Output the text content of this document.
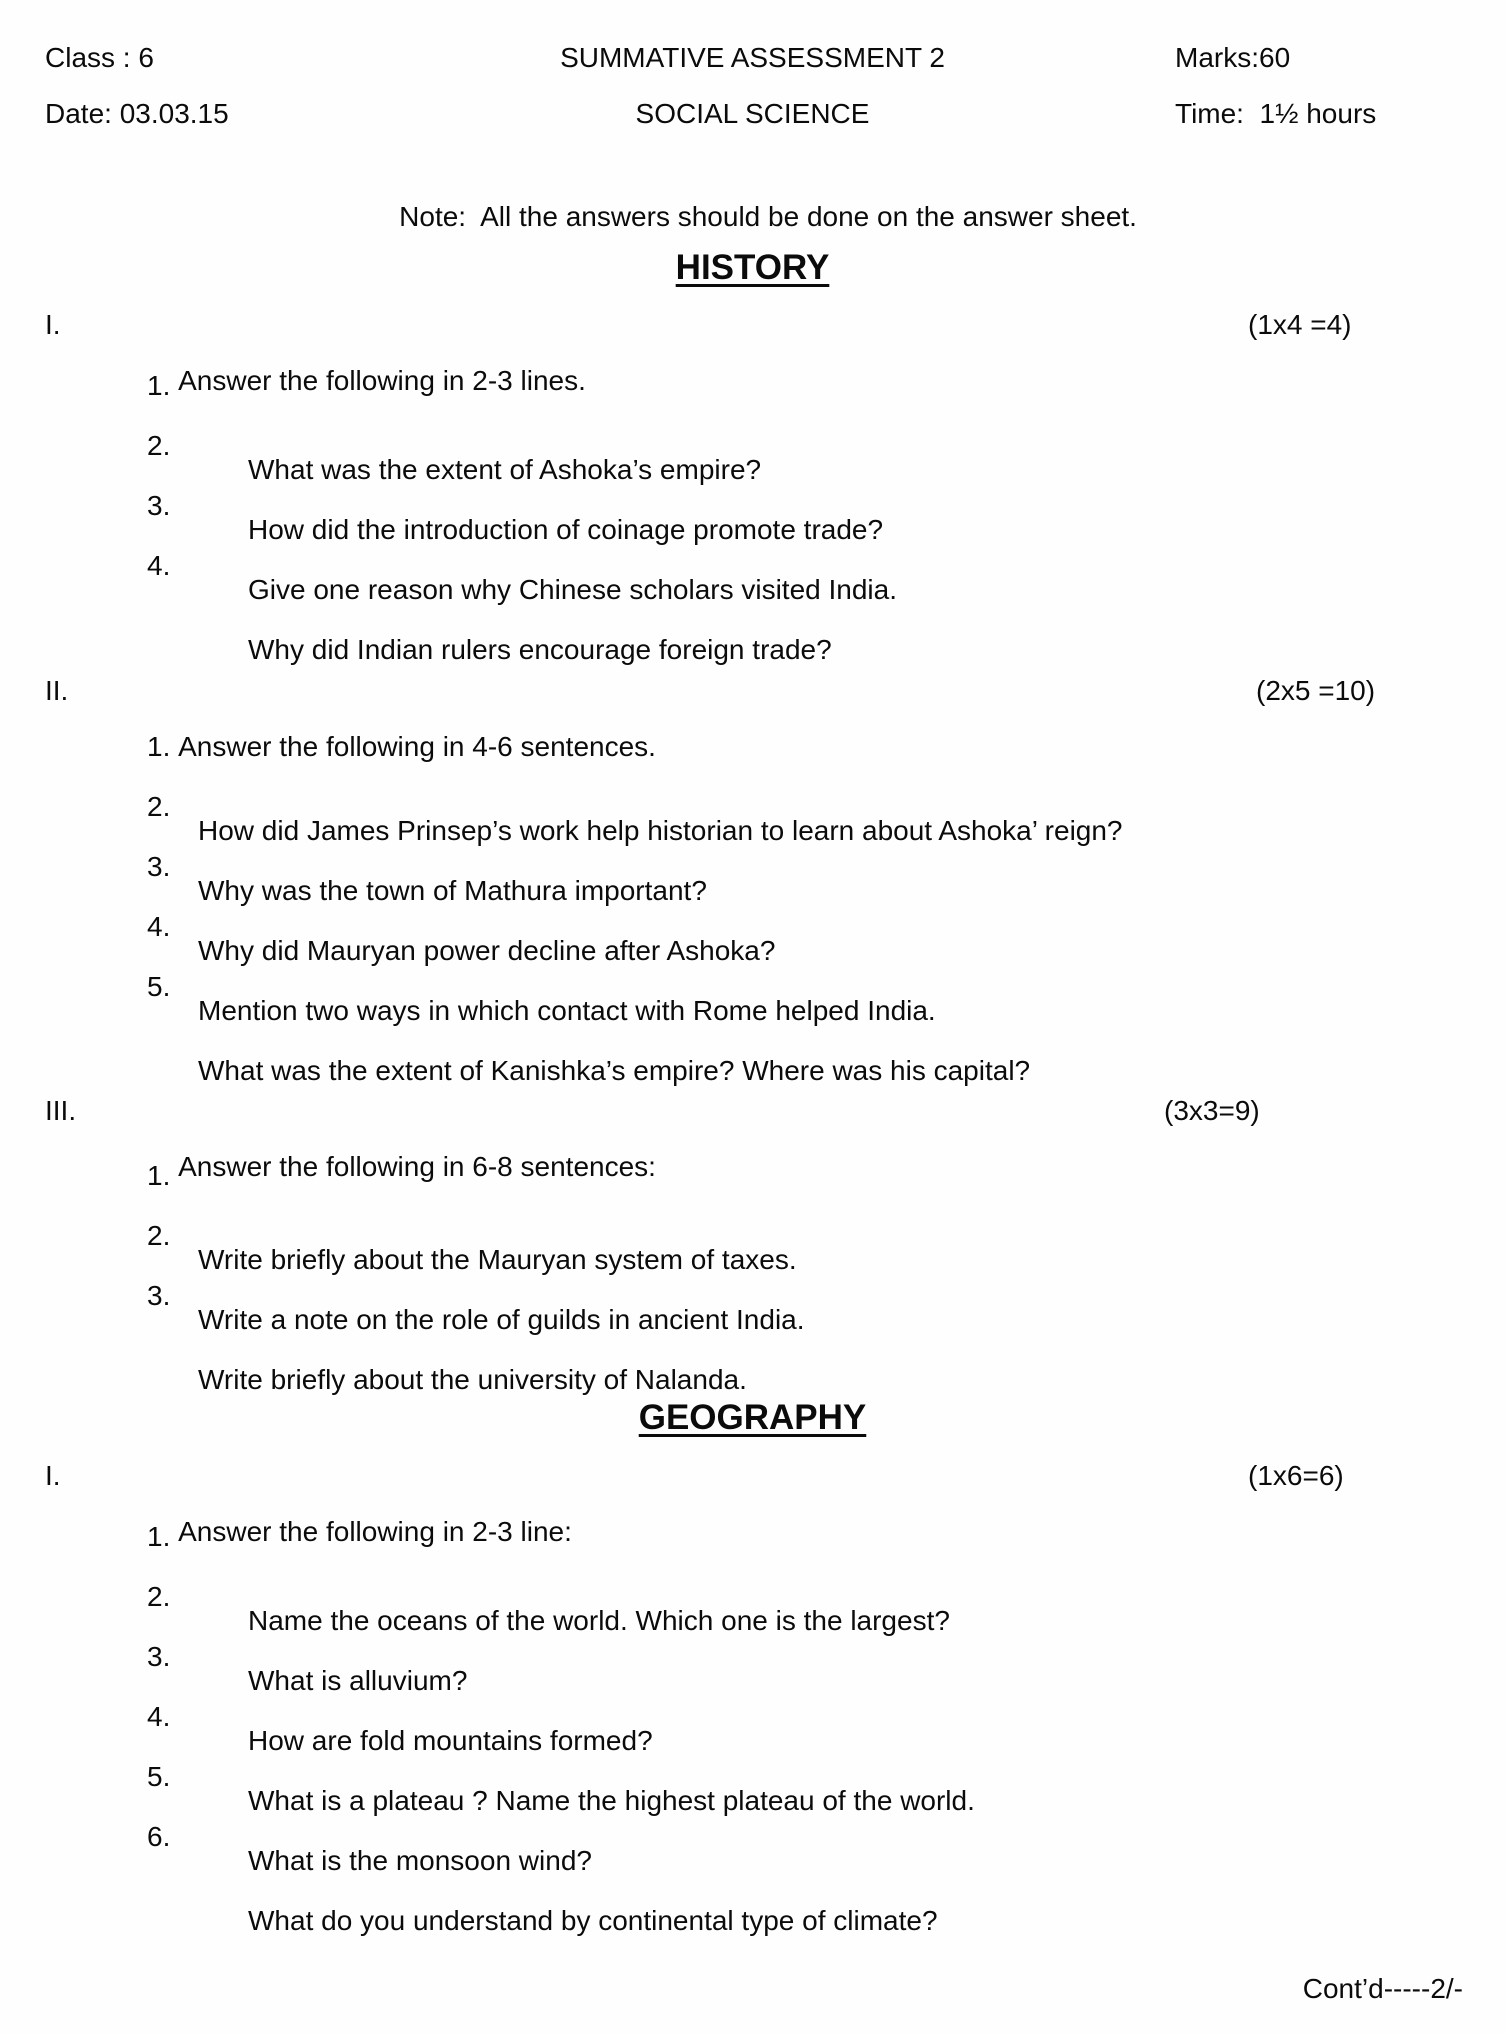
Class : 6

	SUMMATIVE ASSESSMENT 2

	Marks:60

Date: 03.03.15

	SOCIAL SCIENCE

	Time:  1½ hours

Note:  All the answers should be done on the answer sheet.

HISTORY

I.

Answer the following in 2-3 lines.

(1x4 =4)

1.

What was the extent of Ashoka’s empire?

2.

How did the introduction of coinage promote trade?

3.

Give one reason why Chinese scholars visited India.

4.

Why did Indian rulers encourage foreign trade?

II.

Answer the following in 4-6 sentences.

(2x5 =10)

1.

How did James Prinsep’s work help historian to learn about Ashoka’ reign?

2.

Why was the town of Mathura important?

3.

Why did Mauryan power decline after Ashoka?

4.

Mention two ways in which contact with Rome helped India.

5.

What was the extent of Kanishka’s empire? Where was his capital?

III.

Answer the following in 6-8 sentences:

(3x3=9)

1.

Write briefly about the Mauryan system of taxes.

2.

Write a note on the role of guilds in ancient India.

3.

Write briefly about the university of Nalanda.

GEOGRAPHY

I.

Answer the following in 2-3 line:

(1x6=6)

1.

Name the oceans of the world. Which one is the largest?

2.

What is alluvium?

3.

How are fold mountains formed?

4.

What is a plateau ? Name the highest plateau of the world.

5.

What is the monsoon wind?

6.

What do you understand by continental type of climate?

Cont’d-----2/-
